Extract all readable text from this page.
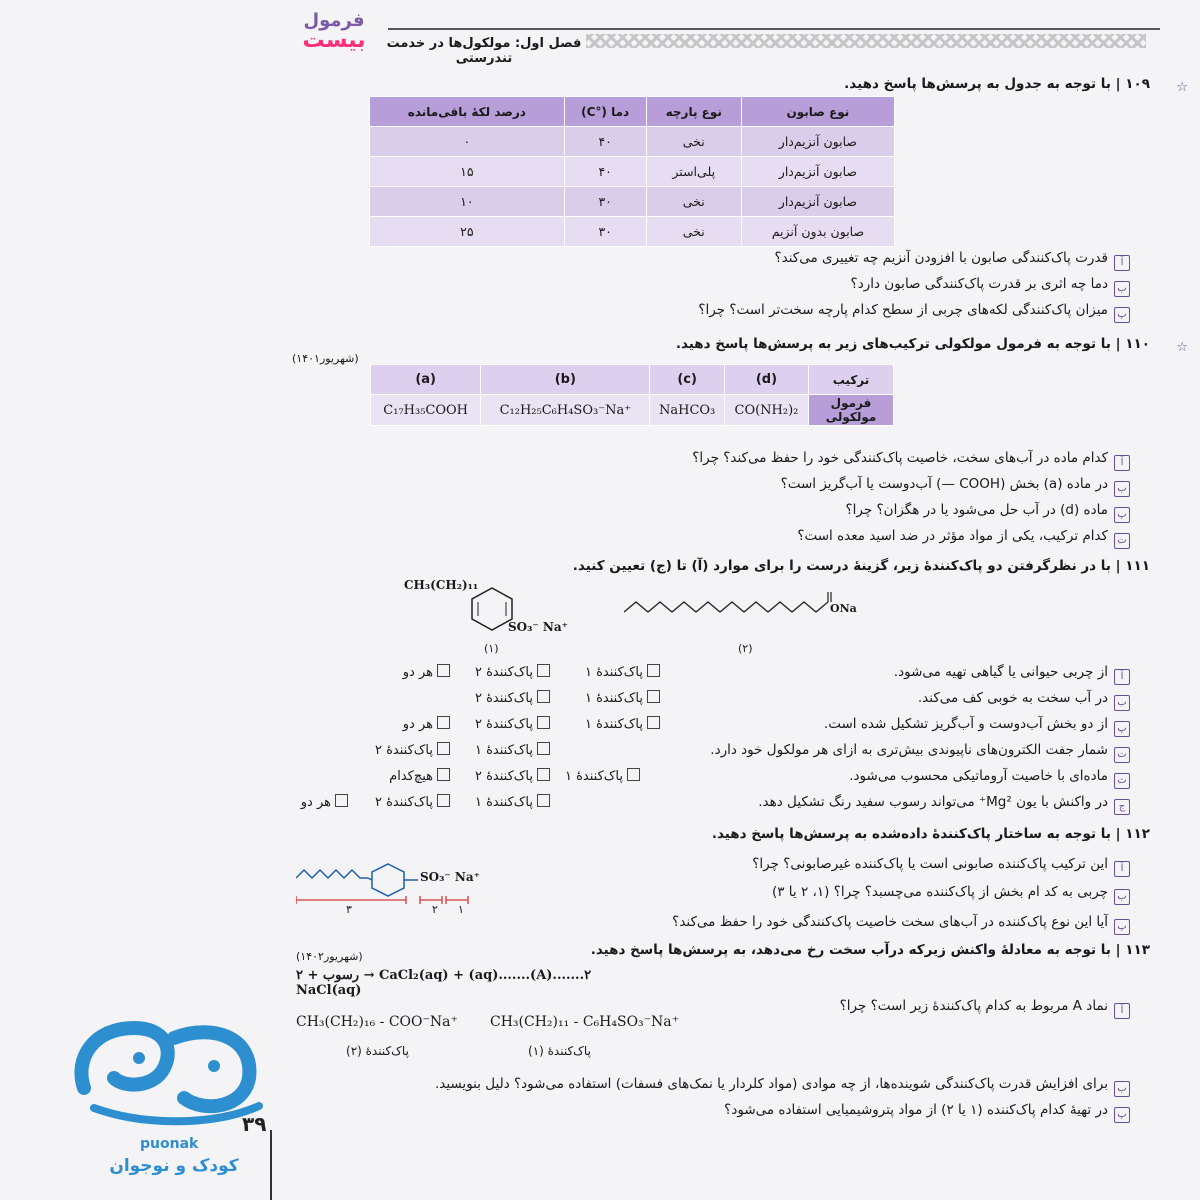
فصل اول: مولکول‌ها در خدمت تندرستی
فرمول
بیست
☆
۱۰۹ | با توجه به جدول به پرسش‌ها پاسخ دهید.
نوع صابون	نوع پارچه	دما (°C)	درصد لکهٔ باقی‌مانده
صابون آنزیم‌دار	نخی	۴۰	۰
صابون آنزیم‌دار	پلی‌استر	۴۰	۱۵
صابون آنزیم‌دار	نخی	۳۰	۱۰
صابون بدون آنزیم	نخی	۳۰	۲۵
آقدرت پاک‌کنندگی صابون با افزودن آنزیم چه تغییری می‌کند؟
بدما چه اثری بر قدرت پاک‌کنندگی صابون دارد؟
پمیزان پاک‌کنندگی لکه‌های چربی از سطح کدام پارچه سخت‌تر است؟ چرا؟
☆
۱۱۰ | با توجه به فرمول مولکولی ترکیب‌های زیر به پرسش‌ها پاسخ دهید.
(شهریور۱۴۰۱)
(a)	(b)	(c)	(d)	ترکیب
C₁₇H₃₅COOH	C₁₂H₂₅C₆H₄SO₃⁻Na⁺	NaHCO₃	CO(NH₂)₂	فرمول مولکولی
آکدام ماده در آب‌های سخت، خاصیت پاک‌کنندگی خود را حفظ می‌کند؟ چرا؟
بدر ماده (a) بخش (COOH —) آب‌دوست یا آب‌گریز است؟
پماده (d) در آب حل می‌شود یا در هگزان؟ چرا؟
تکدام ترکیب، یکی از مواد مؤثر در ضد اسید معده است؟
۱۱۱ | با در نظرگرفتن دو پاک‌کنندهٔ زیر، گزینهٔ درست را برای موارد (آ) تا (ج) تعیین کنید.
CH₃(CH₂)₁₁
SO₃⁻ Na⁺
(۱)
ONa
(۲)
آاز چربی حیوانی یا گیاهی تهیه می‌شود.
پاک‌کنندهٔ ۱
پاک‌کنندهٔ ۲
هر دو
بدر آب سخت به خوبی کف می‌کند.
پاک‌کنندهٔ ۱
پاک‌کنندهٔ ۲
پاز دو بخش آب‌دوست و آب‌گریز تشکیل شده است.
پاک‌کنندهٔ ۱
پاک‌کنندهٔ ۲
هر دو
تشمار جفت الکترون‌های ناپیوندی بیش‌تری به ازای هر مولکول خود دارد.
پاک‌کنندهٔ ۱
پاک‌کنندهٔ ۲
ثماده‌ای با خاصیت آروماتیکی محسوب می‌شود.
پاک‌کنندهٔ ۱
پاک‌کنندهٔ ۲
هیچ‌کدام
جدر واکنش با یون Mg²⁺ می‌تواند رسوب سفید رنگ تشکیل دهد.
پاک‌کنندهٔ ۱
پاک‌کنندهٔ ۲
هر دو
۱۱۲ | با توجه به ساختار پاک‌کنندهٔ داده‌شده به پرسش‌ها پاسخ دهید.
SO₃⁻ Na⁺
۳	۲ ۱
آاین ترکیب پاک‌کننده صابونی است یا پاک‌کننده غیرصابونی؟ چرا؟
بچربی به کد ام بخش از پاک‌کننده می‌چسبد؟ چرا؟ (۱، ۲ یا ۳)
پآیا این نوع پاک‌کننده در آب‌های سخت خاصیت پاک‌کنندگی خود را حفظ می‌کند؟
۱۱۳ | با توجه به معادلهٔ واکنش زیرکه درآب سخت رخ می‌دهد، به پرسش‌ها پاسخ دهید.
(شهریور۱۴۰۲)
۲.......(A).......(aq) + CaCl₂(aq) → رسوب + ۲ NaCl(aq)
آنماد A مربوط به کدام پاک‌کنندهٔ زیر است؟ چرا؟
CH₃(CH₂)₁₁ - C₆H₄SO₃⁻Na⁺
پاک‌کنندهٔ (۱)
CH₃(CH₂)₁₆ - COO⁻Na⁺
پاک‌کنندهٔ (۲)
ببرای افزایش قدرت پاک‌کنندگی شوینده‌ها، از چه موادی (مواد کلردار یا نمک‌های فسفات) استفاده می‌شود؟ دلیل بنویسید.
پدر تهیهٔ کدام پاک‌کننده (۱ یا ۲) از مواد پتروشیمیایی استفاده می‌شود؟
۳۹
puonak
کودک و نوجوان
